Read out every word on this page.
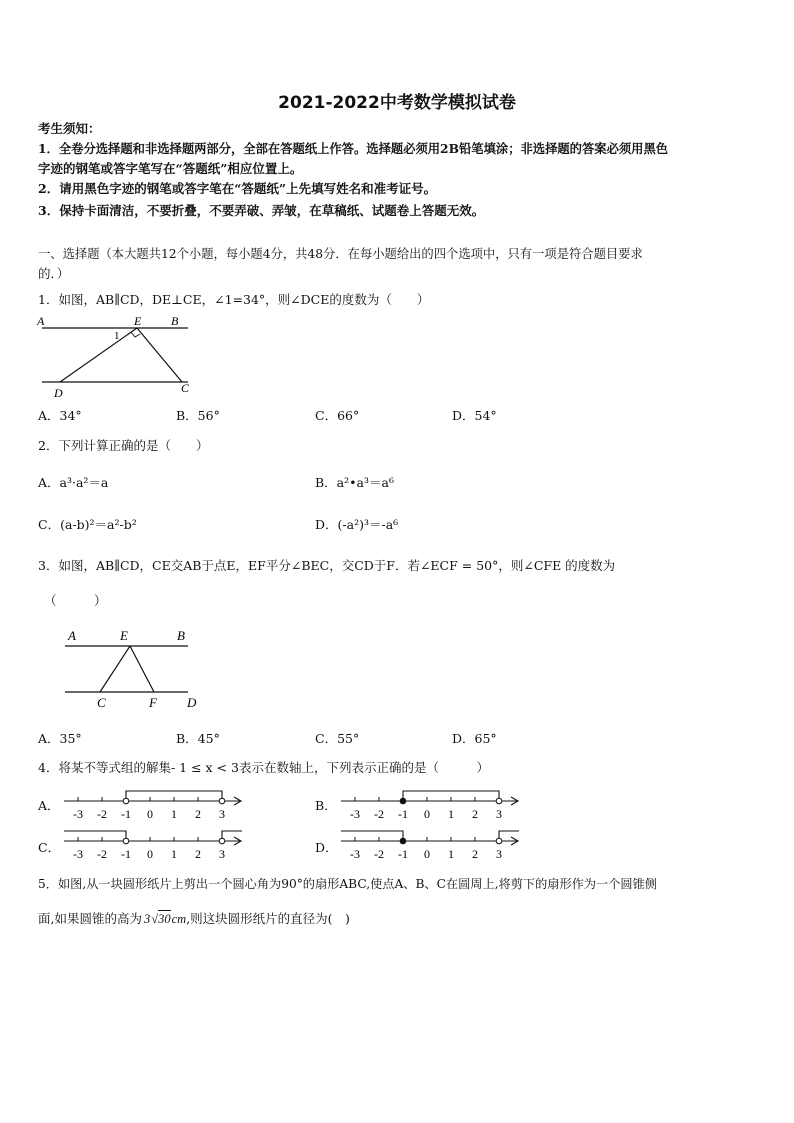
2021-2022中考数学模拟试卷
考生须知：
1．全卷分选择题和非选择题两部分，全部在答题纸上作答。选择题必须用2B铅笔填涂；非选择题的答案必须用黑色
字迹的钢笔或答字笔写在“答题纸”相应位置上。
2．请用黑色字迹的钢笔或答字笔在“答题纸”上先填写姓名和准考证号。
3．保持卡面清洁，不要折叠，不要弄破、弄皱，在草稿纸、试题卷上答题无效。
一、选择题（本大题共12个小题，每小题4分，共48分．在每小题给出的四个选项中，只有一项是符合题目要求
的．）
1．如图，AB∥CD，DE⊥CE，∠1=34°，则∠DCE的度数为（　　）
A	E B
1
D	C
A．34°	B．56°	C．66°	D．54°
2．下列计算正确的是（　　）
A．a³·a²＝a	B．a²•a³＝a⁶
C．(a-b)²＝a²-b²	D．(-a²)³＝-a⁶
3．如图，AB∥CD，CE交AB于点E，EF平分∠BEC，交CD于F．若∠ECF = 50°，则∠CFE 的度数为
（　　　）
A	E	B
C	F D
A．35°	B．45°	C．55°	D．65°
4．将某不等式组的解集- 1 ≤ x < 3表示在数轴上，下列表示正确的是（　　　）
A．
-3 -2 -1 0 1 2 3
B．
-3 -2 -1 0 1 2 3
C． -3 -2 -1 0 1 2 3	D． -3 -2 -1 0 1 2 3
5．如图,从一块圆形纸片上剪出一个圆心角为90°的扇形ABC,使点A、B、C在圆周上,将剪下的扇形作为一个圆锥侧
面,如果圆锥的高为 3 √ 30 cm ,则这块圆形纸片的直径为(　)
